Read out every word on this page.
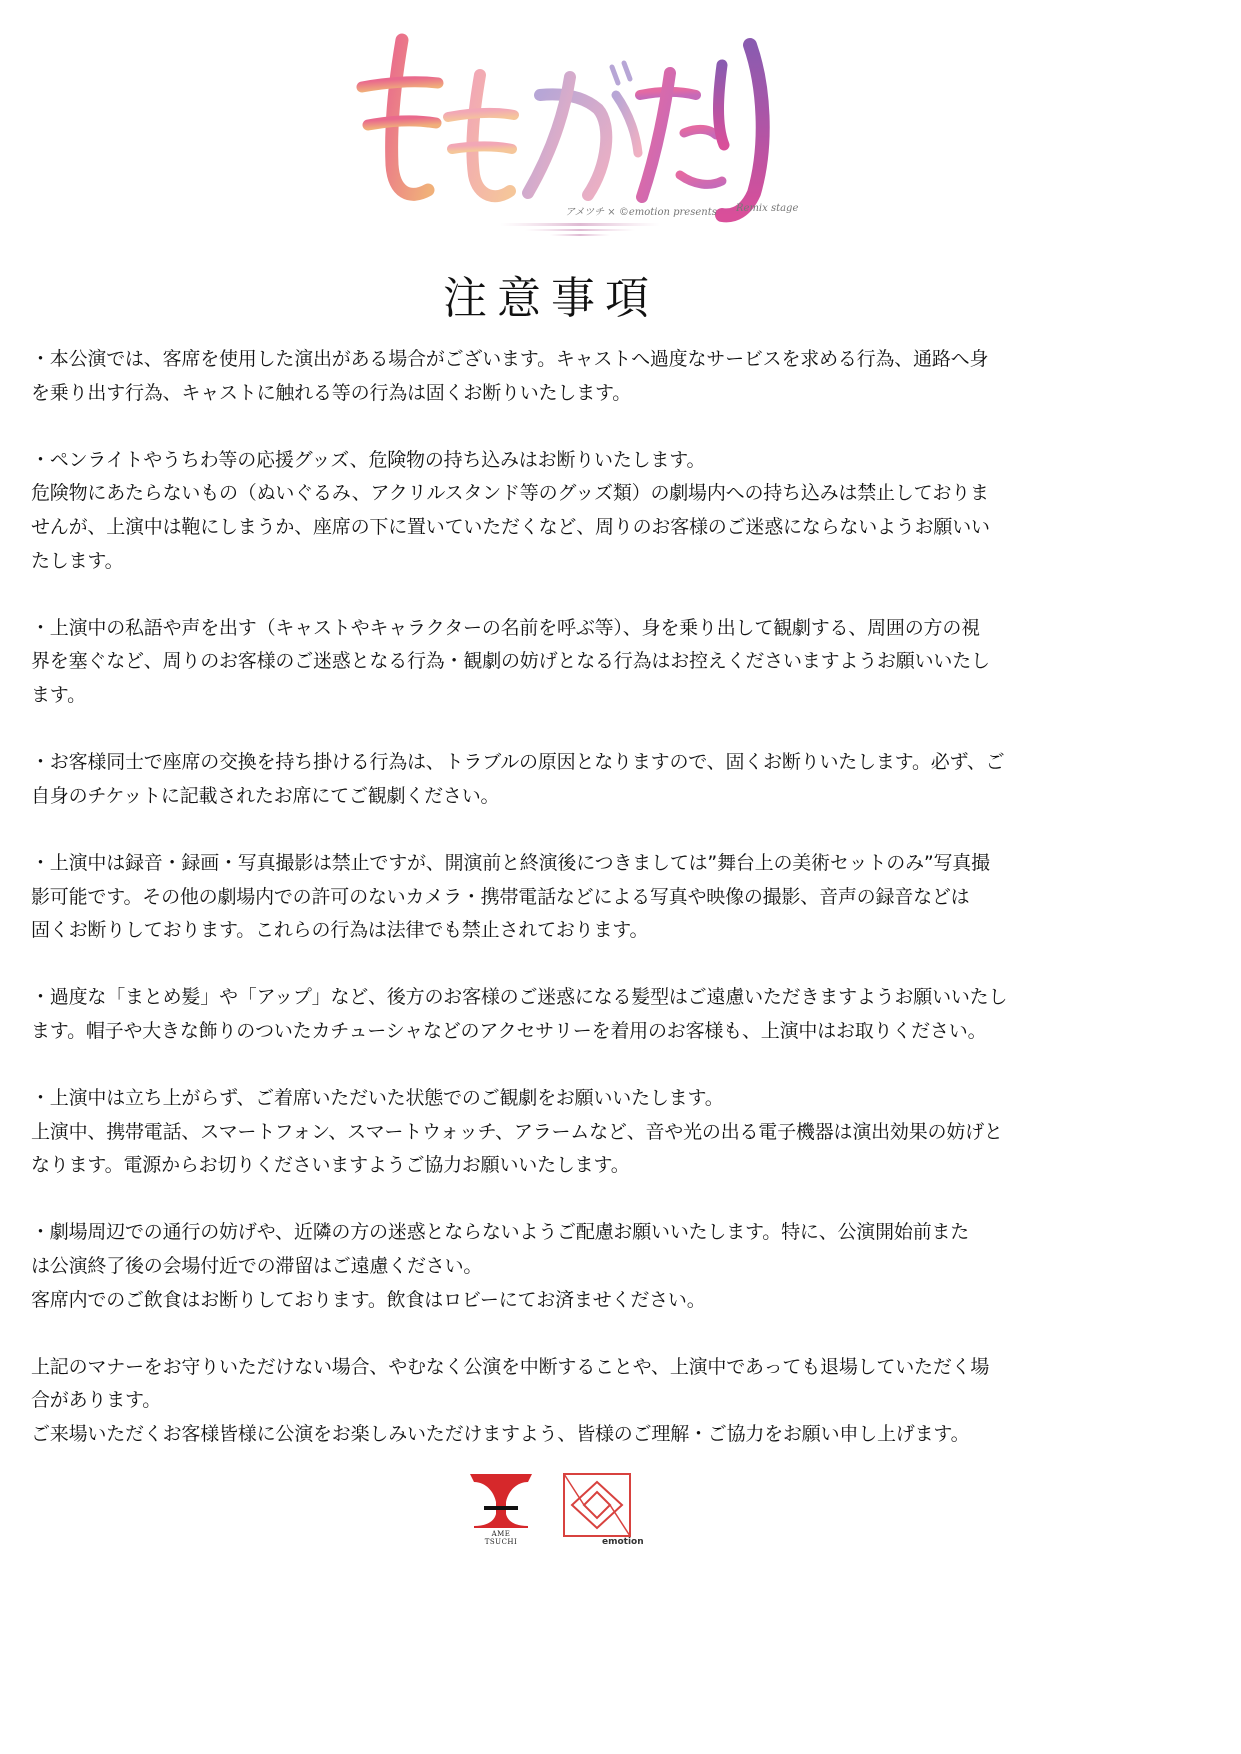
アメツチ × ©emotion presents Remix stage
注意事項

・本公演では、客席を使用した演出がある場合がございます。キャストへ過度なサービスを求める行為、通路へ身
を乗り出す行為、キャストに触れる等の行為は固くお断りいたします。

・ペンライトやうちわ等の応援グッズ、危険物の持ち込みはお断りいたします。
危険物にあたらないもの（ぬいぐるみ、アクリルスタンド等のグッズ類）の劇場内への持ち込みは禁止しておりま
せんが、上演中は鞄にしまうか、座席の下に置いていただくなど、周りのお客様のご迷惑にならないようお願いい
たします。

・上演中の私語や声を出す（キャストやキャラクターの名前を呼ぶ等）、身を乗り出して観劇する、周囲の方の視
界を塞ぐなど、周りのお客様のご迷惑となる行為・観劇の妨げとなる行為はお控えくださいますようお願いいたし
ます。

・お客様同士で座席の交換を持ち掛ける行為は、トラブルの原因となりますので、固くお断りいたします。必ず、ご
自身のチケットに記載されたお席にてご観劇ください。

・上演中は録音・録画・写真撮影は禁止ですが、開演前と終演後につきましては”舞台上の美術セットのみ”写真撮
影可能です。その他の劇場内での許可のないカメラ・携帯電話などによる写真や映像の撮影、音声の録音などは
固くお断りしております。これらの行為は法律でも禁止されております。

・過度な「まとめ髪」や「アップ」など、後方のお客様のご迷惑になる髪型はご遠慮いただきますようお願いいたし
ます。帽子や大きな飾りのついたカチューシャなどのアクセサリーを着用のお客様も、上演中はお取りください。

・上演中は立ち上がらず、ご着席いただいた状態でのご観劇をお願いいたします。
上演中、携帯電話、スマートフォン、スマートウォッチ、アラームなど、音や光の出る電子機器は演出効果の妨げと
なります。電源からお切りくださいますようご協力お願いいたします。

・劇場周辺での通行の妨げや、近隣の方の迷惑とならないようご配慮お願いいたします。特に、公演開始前また
は公演終了後の会場付近での滞留はご遠慮ください。
客席内でのご飲食はお断りしております。飲食はロビーにてお済ませください。

上記のマナーをお守りいただけない場合、やむなく公演を中断することや、上演中であっても退場していただく場
合があります。
ご来場いただくお客様皆様に公演をお楽しみいただけますよう、皆様のご理解・ご協力をお願い申し上げます。

AME
TSUCHI	emotion
